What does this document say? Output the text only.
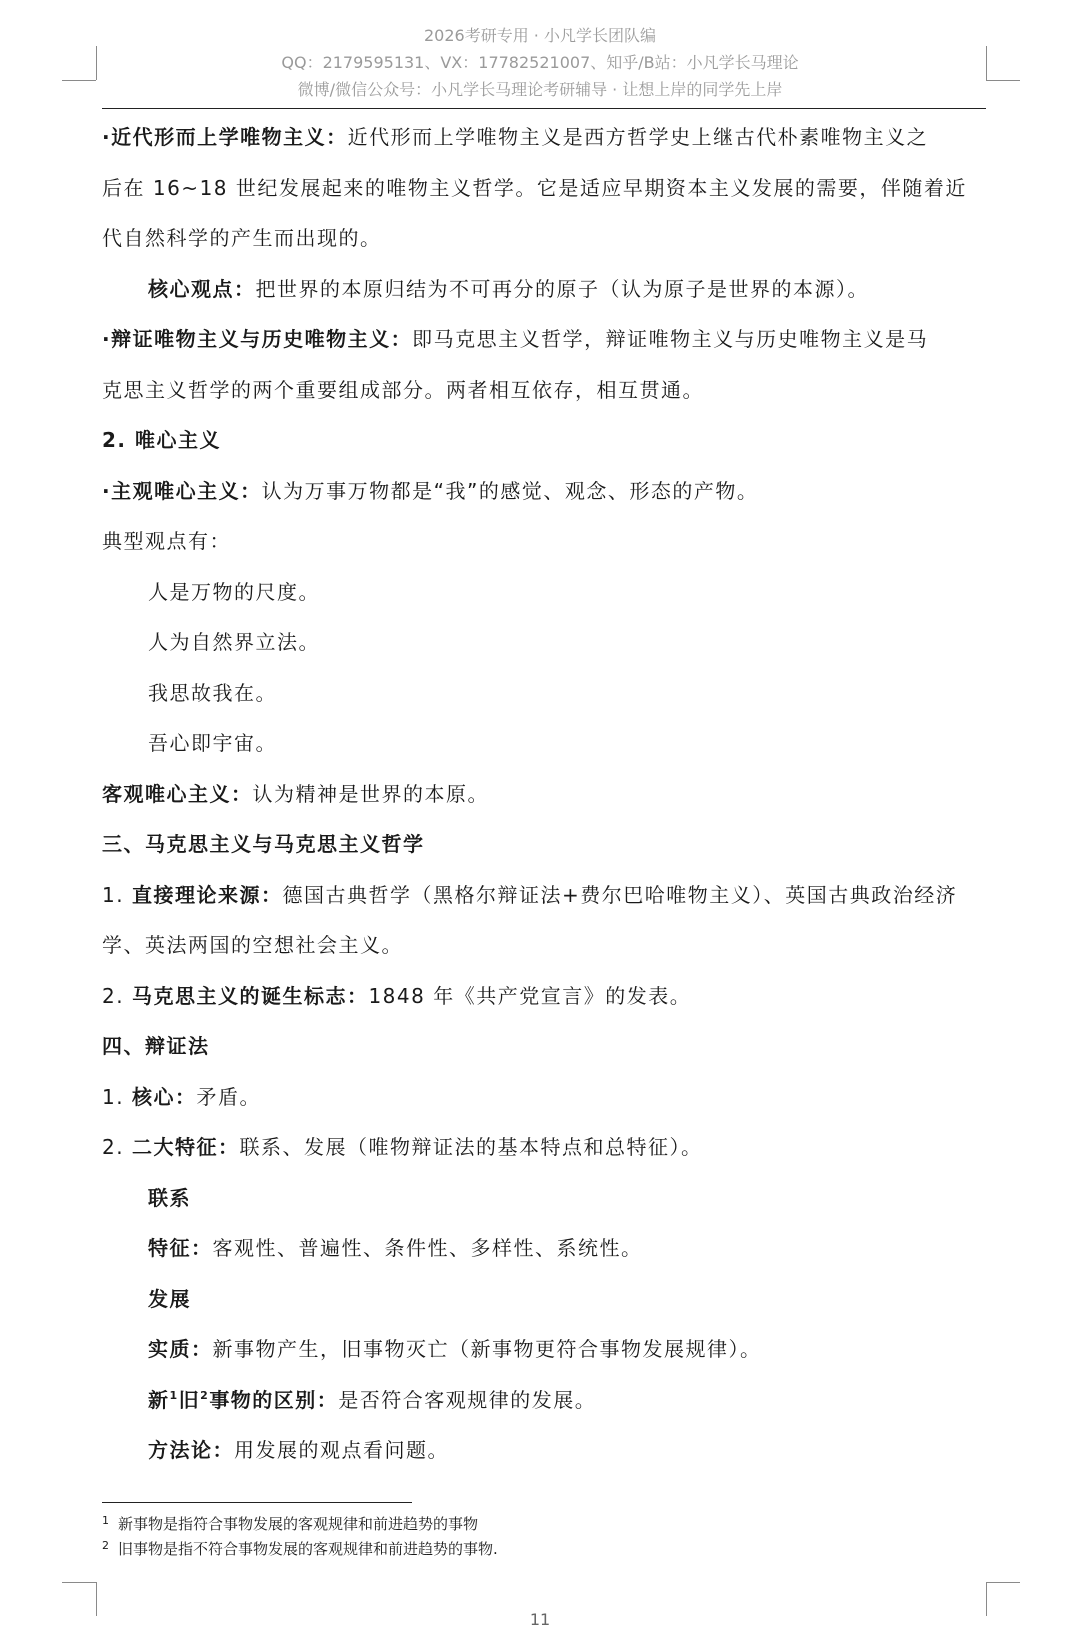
2026考研专用 · 小凡学长团队编
QQ：2179595131、VX：17782521007、知乎/B站：小凡学长马理论
微博/微信公众号：小凡学长马理论考研辅导 · 让想上岸的同学先上岸

·近代形而上学唯物主义：近代形而上学唯物主义是西方哲学史上继古代朴素唯物主义之

后在 16~18 世纪发展起来的唯物主义哲学。它是适应早期资本主义发展的需要，伴随着近

代自然科学的产生而出现的。

核心观点：把世界的本原归结为不可再分的原子（认为原子是世界的本源）。

·辩证唯物主义与历史唯物主义：即马克思主义哲学，辩证唯物主义与历史唯物主义是马

克思主义哲学的两个重要组成部分。两者相互依存，相互贯通。

2. 唯心主义

·主观唯心主义：认为万事万物都是“我”的感觉、观念、形态的产物。

典型观点有：

人是万物的尺度。

人为自然界立法。

我思故我在。

吾心即宇宙。

客观唯心主义：认为精神是世界的本原。

三、马克思主义与马克思主义哲学

1. 直接理论来源：德国古典哲学（黑格尔辩证法+费尔巴哈唯物主义）、英国古典政治经济

学、英法两国的空想社会主义。

2. 马克思主义的诞生标志：1848 年《共产党宣言》的发表。

四、辩证法

1. 核心：矛盾。

2. 二大特征：联系、发展（唯物辩证法的基本特点和总特征）。

联系

特征：客观性、普遍性、条件性、多样性、系统性。

发展

实质：新事物产生，旧事物灭亡（新事物更符合事物发展规律）。

新$^1$旧$^2$事物的区别：是否符合客观规律的发展。

方法论：用发展的观点看问题。

1 新事物是指符合事物发展的客观规律和前进趋势的事物
2 旧事物是指不符合事物发展的客观规律和前进趋势的事物.
11
